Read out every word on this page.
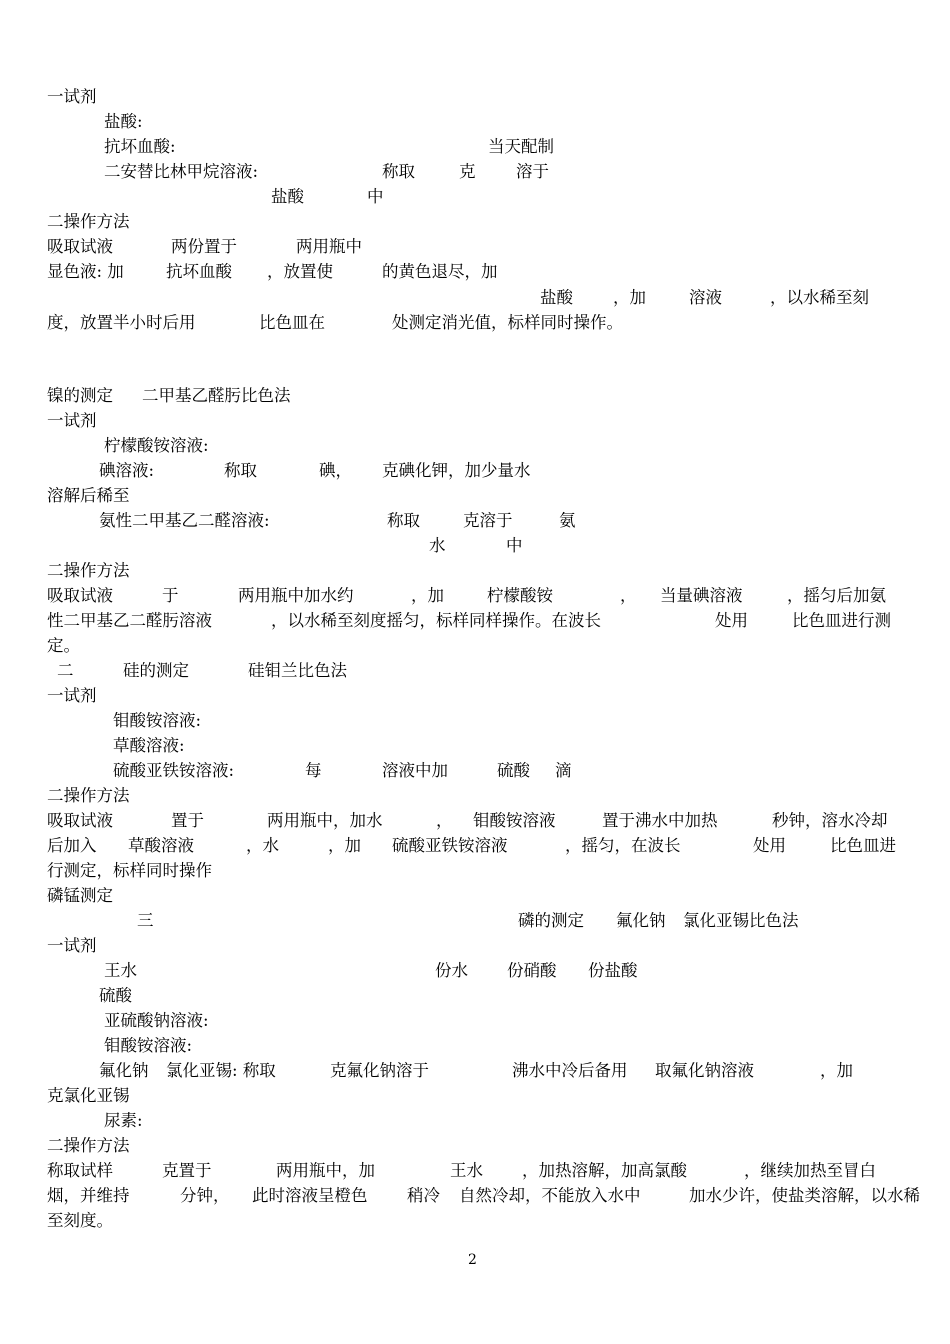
一试剂
盐酸:
抗坏血酸:	当天配制
二安替比林甲烷溶液:	称取	克 溶于
盐酸	中
二操作方法
吸取试液	两份置于	两用瓶中
显色液: 加	抗坏血酸 ，放置使	的黄色退尽，加
盐酸 ，加	溶液	，以水稀至刻
度，放置半小时后用	比色皿在	处测定消光值，标样同时操作。
镍的测定 二甲基乙醛肟比色法
一试剂
柠檬酸铵溶液:
碘溶液:	称取	碘， 克碘化钾，加少量水
溶解后稀至
氨性二甲基乙二醛溶液:	称取	克溶于	氨
水	中
二操作方法
吸取试液	于	两用瓶中加水约	，加	柠檬酸铵	， 当量碘溶液	，摇匀后加氨
性二甲基乙二醛肟溶液	，以水稀至刻度摇匀，标样同样操作。在波长	处用	比色皿进行测
定。
二	硅的测定	硅钼兰比色法
一试剂
钼酸铵溶液:
草酸溶液:
硫酸亚铁铵溶液:	每	溶液中加	硫酸 滴
二操作方法
吸取试液	置于	两用瓶中，加水	， 钼酸铵溶液	置于沸水中加热	秒钟，溶水冷却
后加入 草酸溶液	，水	，加 硫酸亚铁铵溶液	，摇匀，在波长	处用	比色皿进
行测定，标样同时操作
磷锰测定
三	磷的测定 氟化钠 氯化亚锡比色法
一试剂
王水	份水 份硝酸 份盐酸
硫酸
亚硫酸钠溶液:
钼酸铵溶液:
氟化钠 氯化亚锡: 称取	克氟化钠溶于	沸水中冷后备用 取氟化钠溶液	，加
克氯化亚锡
尿素:
二操作方法
称取试样	克置于	两用瓶中，加	王水 ，加热溶解，加高氯酸	，继续加热至冒白
烟，并维持	分钟， 此时溶液呈橙色 稍冷 自然冷却，不能放入水中	加水少许，使盐类溶解，以水稀
至刻度。
2
